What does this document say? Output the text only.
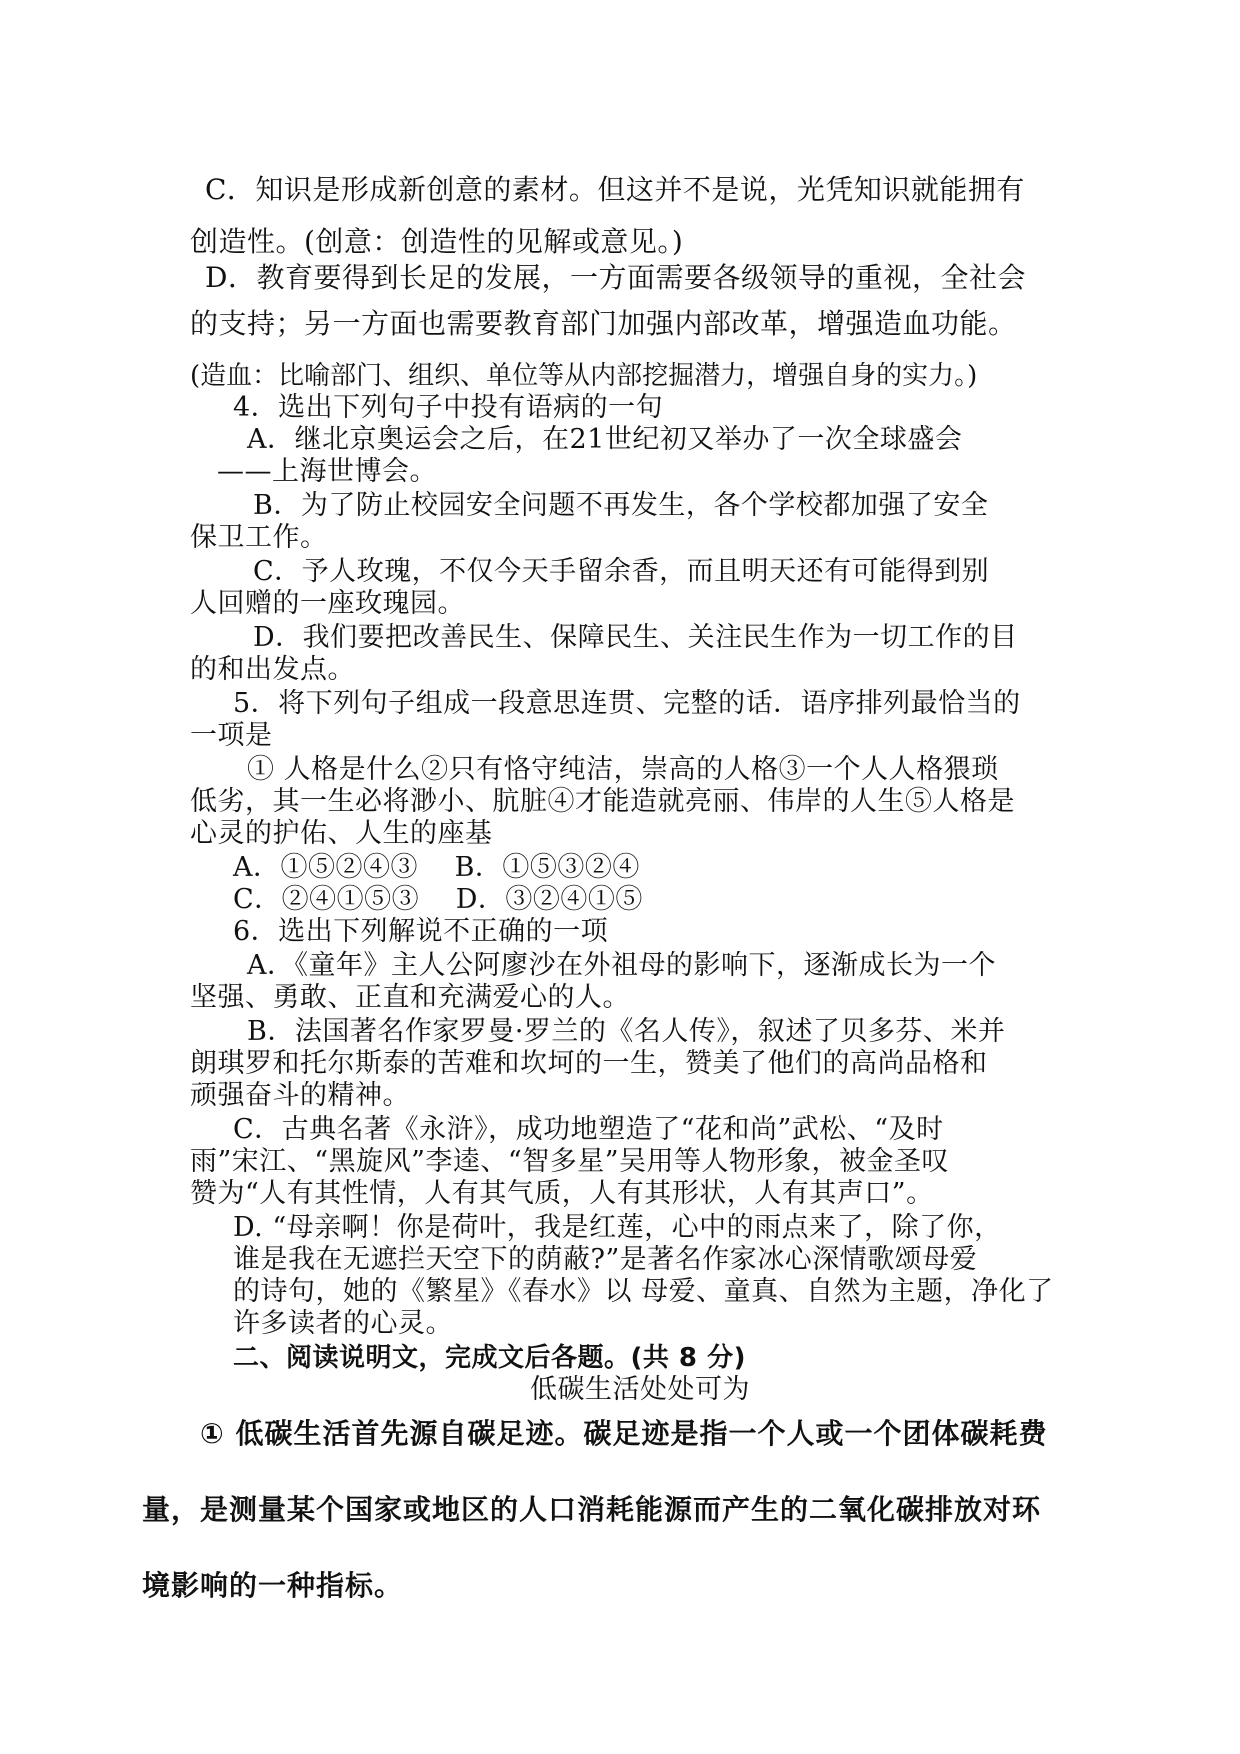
C．知识是形成新创意的素材。但这并不是说，光凭知识就能拥有
创造性。(创意：创造性的见解或意见。)
D．教育要得到长足的发展，一方面需要各级领导的重视，全社会
的支持；另一方面也需要教育部门加强内部改革，增强造血功能。
(造血：比喻部门、组织、单位等从内部挖掘潜力，增强自身的实力。)
4．选出下列句子中投有语病的一句
A．继北京奥运会之后，在21世纪初又举办了一次全球盛会
——上海世博会。
B．为了防止校园安全问题不再发生，各个学校都加强了安全
保卫工作。
C．予人玫瑰，不仅今天手留余香，而且明天还有可能得到别
人回赠的一座玫瑰园。
D．我们要把改善民生、保障民生、关注民生作为一切工作的目
的和出发点。
5．将下列句子组成一段意思连贯、完整的话．语序排列最恰当的
一项是
① 人格是什么②只有恪守纯洁，崇高的人格③一个人人格猥琐
低劣，其一生必将渺小、肮脏④才能造就亮丽、伟岸的人生⑤人格是
心灵的护佑、人生的座基
A．①⑤②④③　 B．①⑤③②④
C．②④①⑤③　 D．③②④①⑤
6．选出下列解说不正确的一项
A．《童年》主人公阿廖沙在外祖母的影响下，逐渐成长为一个
坚强、勇敢、正直和充满爱心的人。
B．法国著名作家罗曼·罗兰的《名人传》，叙述了贝多芬、米并
朗琪罗和托尔斯泰的苦难和坎坷的一生，赞美了他们的高尚品格和
顽强奋斗的精神。
C．古典名著《永浒》，成功地塑造了“花和尚”武松、“及时
雨”宋江、“黑旋风”李逵、“智多星”吴用等人物形象，被金圣叹
赞为“人有其性情，人有其气质，人有其形状，人有其声口”。
D. “母亲啊！你是荷叶，我是红莲，心中的雨点来了，除了你，
谁是我在无遮拦天空下的荫蔽?”是著名作家冰心深情歌颂母爱
的诗句，她的《繁星》《春水》以 母爱、童真、自然为主题，净化了
许多读者的心灵。
二、阅读说明文，完成文后各题。(共 8 分)
低碳生活处处可为
① 低碳生活首先源自碳足迹。碳足迹是指一个人或一个团体碳耗费
量，是测量某个国家或地区的人口消耗能源而产生的二氧化碳排放对环
境影响的一种指标。
